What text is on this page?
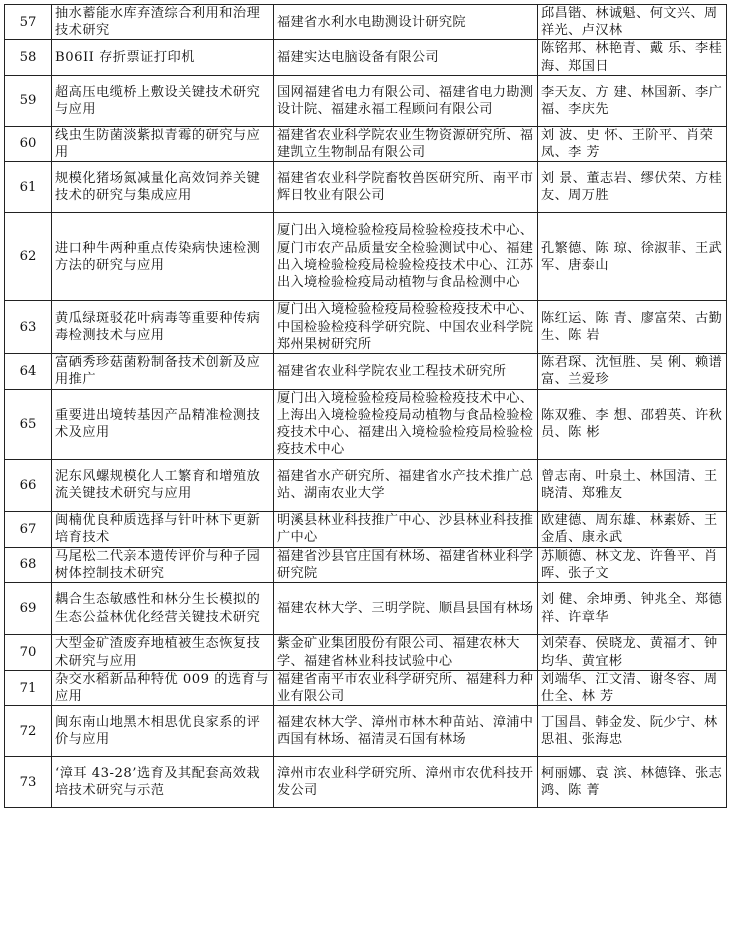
57	抽水蓄能水库弃渣综合利用和治理技术研究	福建省水利水电勘测设计研究院	邱昌锴、林诚魁、何文兴、周祥光、卢汉林
58	B06II 存折票证打印机	福建实达电脑设备有限公司	陈铭邦、林艳青、戴 乐、李桂海、郑国日
59	超高压电缆桥上敷设关键技术研究与应用	国网福建省电力有限公司、福建省电力勘测设计院、福建永福工程顾问有限公司	李天友、方 建、林国新、李广福、李庆先
60	线虫生防菌淡紫拟青霉的研究与应用	福建省农业科学院农业生物资源研究所、福建凯立生物制品有限公司	刘 波、史 怀、王阶平、肖荣凤、李 芳
61	规模化猪场氮减量化高效饲养关键技术的研究与集成应用	福建省农业科学院畜牧兽医研究所、南平市辉日牧业有限公司	刘 景、董志岩、缪伏荣、方桂友、周万胜
62	进口种牛两种重点传染病快速检测方法的研究与应用	厦门出入境检验检疫局检验检疫技术中心、厦门市农产品质量安全检验测试中心、福建出入境检验检疫局检验检疫技术中心、江苏出入境检验检疫局动植物与食品检测中心	孔繁德、陈 琼、徐淑菲、王武军、唐泰山
63	黄瓜绿斑驳花叶病毒等重要种传病毒检测技术与应用	厦门出入境检验检疫局检验检疫技术中心、中国检验检疫科学研究院、中国农业科学院郑州果树研究所	陈红运、陈 青、廖富荣、古勤生、陈 岩
64	富硒秀珍菇菌粉制备技术创新及应用推广	福建省农业科学院农业工程技术研究所	陈君琛、沈恒胜、吴 俐、赖谱富、兰爱珍
65	重要进出境转基因产品精准检测技术及应用	厦门出入境检验检疫局检验检疫技术中心、上海出入境检验检疫局动植物与食品检验检疫技术中心、福建出入境检验检疫局检验检疫技术中心	陈双雅、李 想、邵碧英、许秋员、陈 彬
66	泥东风螺规模化人工繁育和增殖放流关键技术研究与应用	福建省水产研究所、福建省水产技术推广总站、湖南农业大学	曾志南、叶泉土、林国清、王晓清、郑雅友
67	闽楠优良种质选择与针叶林下更新培育技术	明溪县林业科技推广中心、沙县林业科技推广中心	欧建德、周东雄、林素娇、王金盾、康永武
68	马尾松二代亲本遗传评价与种子园树体控制技术研究	福建省沙县官庄国有林场、福建省林业科学研究院	苏顺德、林文龙、许鲁平、肖 晖、张子文
69	耦合生态敏感性和林分生长模拟的生态公益林优化经营关键技术研究	福建农林大学、三明学院、顺昌县国有林场	刘 健、余坤勇、钟兆全、郑德祥、许章华
70	大型金矿渣废弃地植被生态恢复技术研究与应用	紫金矿业集团股份有限公司、福建农林大学、福建省林业科技试验中心	刘荣春、侯晓龙、黄福才、钟均华、黄宜彬
71	杂交水稻新品种特优 009 的选育与应用	福建省南平市农业科学研究所、福建科力种业有限公司	刘端华、江文清、谢冬容、周仕全、林 芳
72	闽东南山地黑木相思优良家系的评价与应用	福建农林大学、漳州市林木种苗站、漳浦中西国有林场、福清灵石国有林场	丁国昌、韩金发、阮少宁、林思祖、张海忠
73	‘漳耳 43-28’选育及其配套高效栽培技术研究与示范	漳州市农业科学研究所、漳州市农优科技开发公司	柯丽娜、袁 滨、林德锋、张志鸿、陈 菁
